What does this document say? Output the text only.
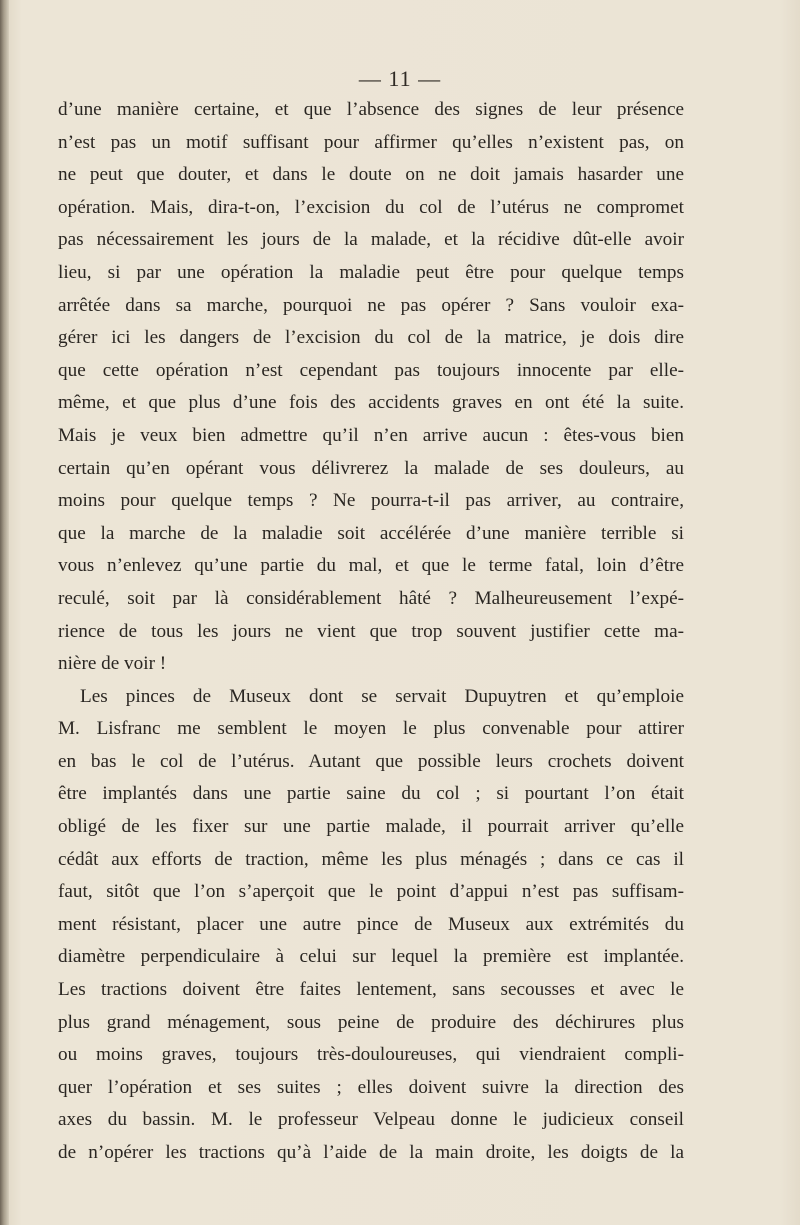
— 11 —
d’une manière certaine, et que l’absence des signes de leur présence
n’est pas un motif suffisant pour affirmer qu’elles n’existent pas, on
ne peut que douter, et dans le doute on ne doit jamais hasarder une
opération. Mais, dira-t-on, l’excision du col de l’utérus ne compromet
pas nécessairement les jours de la malade, et la récidive dût-elle avoir
lieu, si par une opération la maladie peut être pour quelque temps
arrêtée dans sa marche, pourquoi ne pas opérer ? Sans vouloir exa-
gérer ici les dangers de l’excision du col de la matrice, je dois dire
que cette opération n’est cependant pas toujours innocente par elle-
même, et que plus d’une fois des accidents graves en ont été la suite.
Mais je veux bien admettre qu’il n’en arrive aucun : êtes-vous bien
certain qu’en opérant vous délivrerez la malade de ses douleurs, au
moins pour quelque temps ? Ne pourra-t-il pas arriver, au contraire,
que la marche de la maladie soit accélérée d’une manière terrible si
vous n’enlevez qu’une partie du mal, et que le terme fatal, loin d’être
reculé, soit par là considérablement hâté ? Malheureusement l’expé-
rience de tous les jours ne vient que trop souvent justifier cette ma-
nière de voir !
Les pinces de Museux dont se servait Dupuytren et qu’emploie
M. Lisfranc me semblent le moyen le plus convenable pour attirer
en bas le col de l’utérus. Autant que possible leurs crochets doivent
être implantés dans une partie saine du col ; si pourtant l’on était
obligé de les fixer sur une partie malade, il pourrait arriver qu’elle
cédât aux efforts de traction, même les plus ménagés ; dans ce cas il
faut, sitôt que l’on s’aperçoit que le point d’appui n’est pas suffisam-
ment résistant, placer une autre pince de Museux aux extrémités du
diamètre perpendiculaire à celui sur lequel la première est implantée.
Les tractions doivent être faites lentement, sans secousses et avec le
plus grand ménagement, sous peine de produire des déchirures plus
ou moins graves, toujours très-douloureuses, qui viendraient compli-
quer l’opération et ses suites ; elles doivent suivre la direction des
axes du bassin. M. le professeur Velpeau donne le judicieux conseil
de n’opérer les tractions qu’à l’aide de la main droite, les doigts de la
